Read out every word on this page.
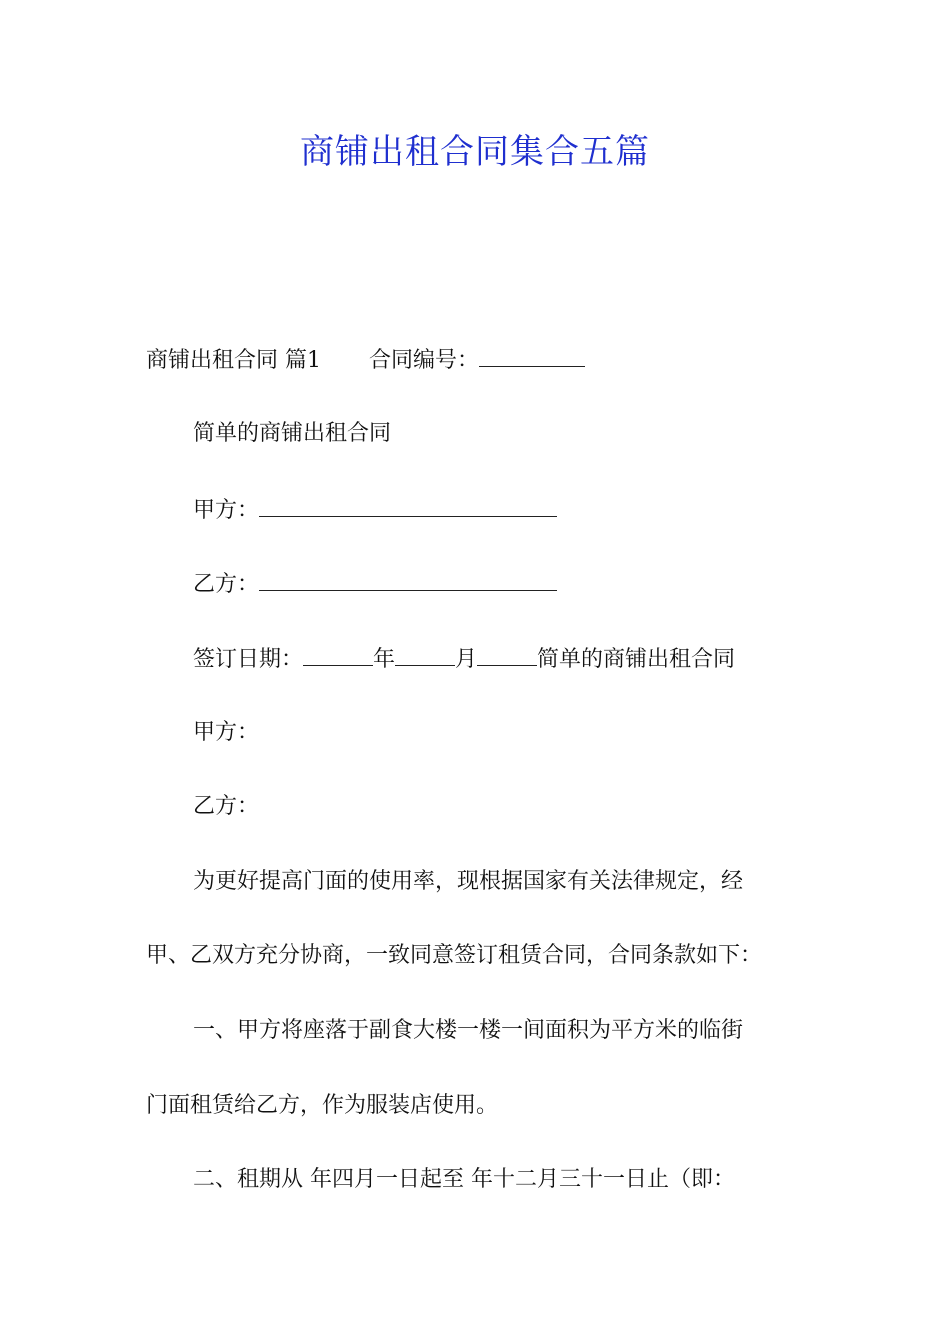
商铺出租合同集合五篇
商铺出租合同 篇1 合同编号：
简单的商铺出租合同
甲方：
乙方：
签订日期：	年	月	简单的商铺出租合同
甲方：
乙方：
为更好提高门面的使用率，现根据国家有关法律规定，经
甲、乙双方充分协商，一致同意签订租赁合同，合同条款如下：
一、甲方将座落于副食大楼一楼一间面积为平方米的临街
门面租赁给乙方，作为服装店使用。
二、租期从 年四月一日起至 年十二月三十一日止（即：
